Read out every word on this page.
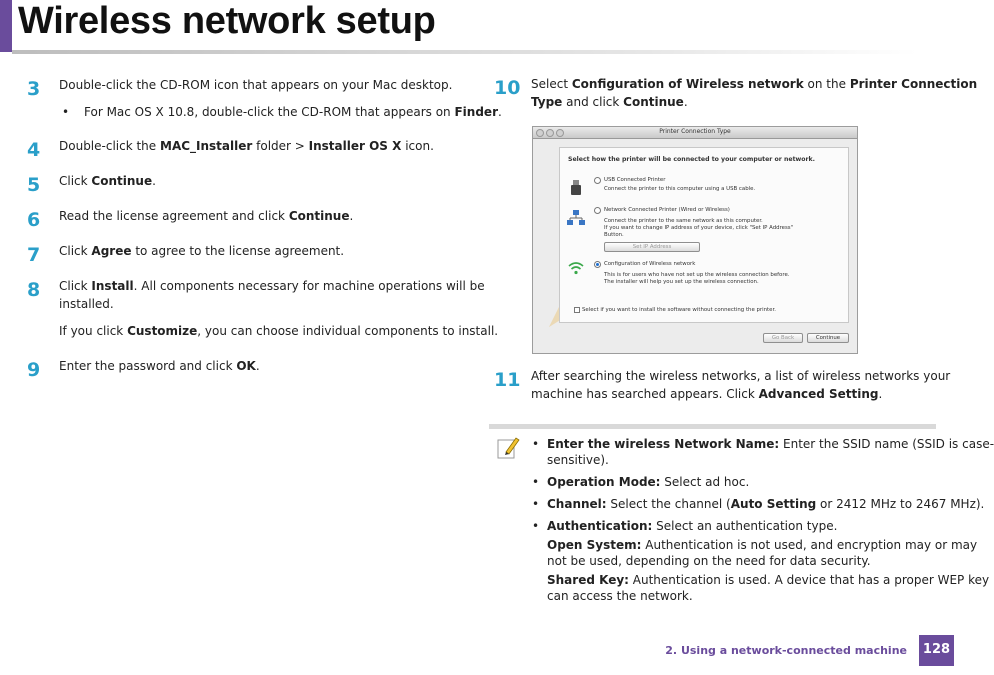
Wireless network setup
3 Double-click the CD-ROM icon that appears on your Mac desktop.
• For Mac OS X 10.8, double-click the CD-ROM that appears on Finder.
4 Double-click the MAC_Installer folder > Installer OS X icon.
5 Click Continue.
6 Read the license agreement and click Continue.
7 Click Agree to agree to the license agreement.
8 Click Install. All components necessary for machine operations will be
installed.
If you click Customize, you can choose individual components to install.
9 Enter the password and click OK.
10 Select Configuration of Wireless network on the Printer Connection
Type and click Continue.
Printer Connection Type
Select how the printer will be connected to your computer or network.
USB Connected Printer
Connect the printer to this computer using a USB cable.
Network Connected Printer (Wired or Wireless)
Connect the printer to the same network as this computer.
If you want to change IP address of your device, click "Set IP Address"
Button.
Set IP Address
Configuration of Wireless network
This is for users who have not set up the wireless connection before.
The installer will help you set up the wireless connection.
Select if you want to install the software without connecting the printer.
Go Back	Continue
11 After searching the wireless networks, a list of wireless networks your
machine has searched appears. Click Advanced Setting.
• Enter the wireless Network Name: Enter the SSID name (SSID is case-
sensitive).
• Operation Mode: Select ad hoc.
• Channel: Select the channel (Auto Setting or 2412 MHz to 2467 MHz).
• Authentication: Select an authentication type.
Open System: Authentication is not used, and encryption may or may
not be used, depending on the need for data security.
Shared Key: Authentication is used. A device that has a proper WEP key
can access the network.
2. Using a network-connected machine	128
